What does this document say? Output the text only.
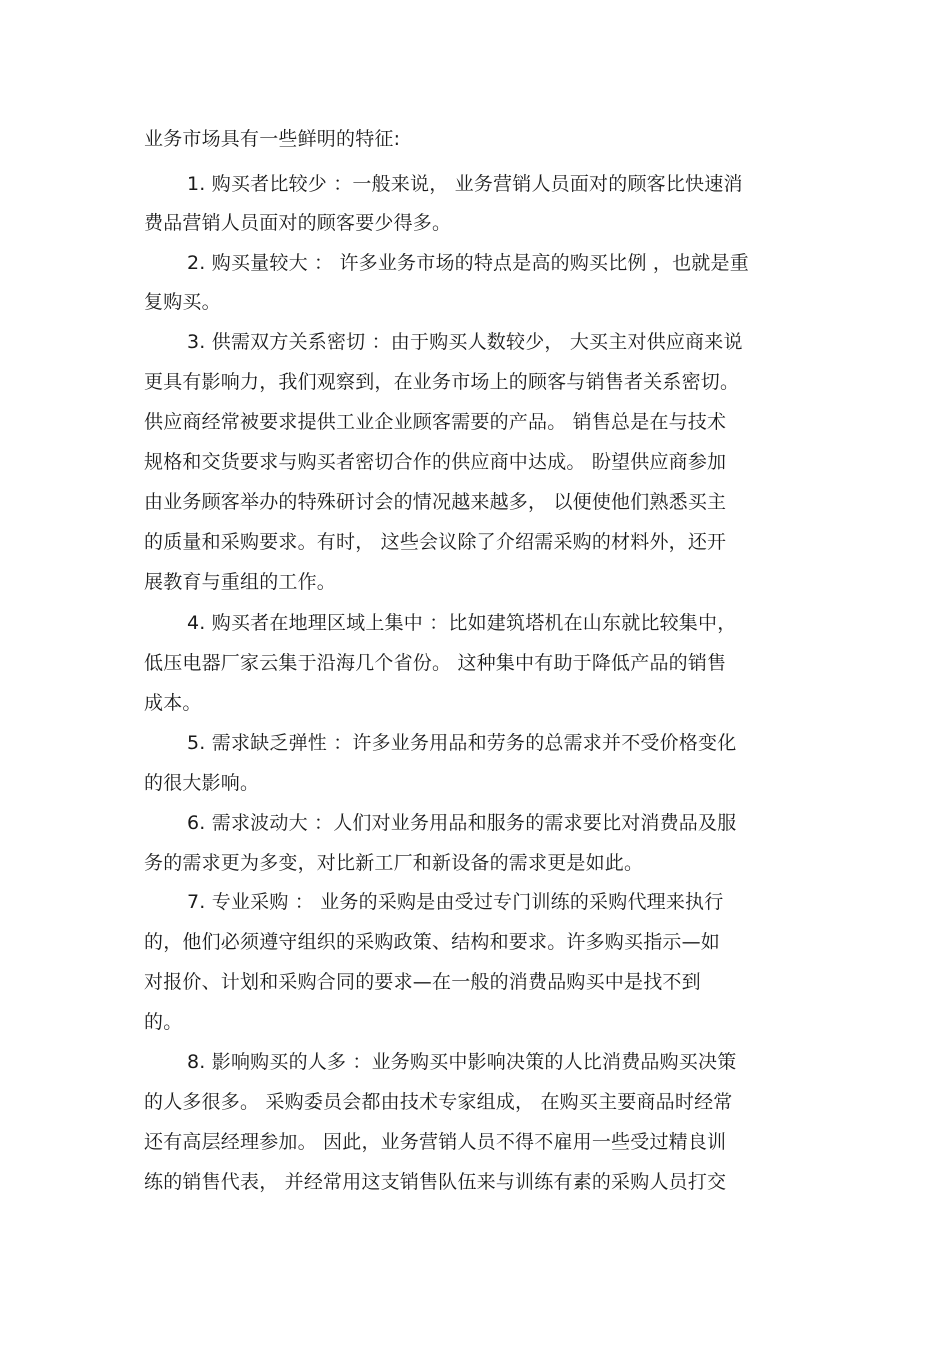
业务市场具有一些鲜明的特征:
1. 购买者比较少 ：一般来说， 业务营销人员面对的顾客比快速消
费品营销人员面对的顾客要少得多。
2. 购买量较大 ： 许多业务市场的特点是高的购买比例 ，也就是重
复购买。
3. 供需双方关系密切 ：由于购买人数较少， 大买主对供应商来说
更具有影响力，我们观察到，在业务市场上的顾客与销售者关系密切。
供应商经常被要求提供工业企业顾客需要的产品。 销售总是在与技术
规格和交货要求与购买者密切合作的供应商中达成。 盼望供应商参加
由业务顾客举办的特殊研讨会的情况越来越多， 以便使他们熟悉买主
的质量和采购要求。有时， 这些会议除了介绍需采购的材料外，还开
展教育与重组的工作。
4. 购买者在地理区域上集中 ：比如建筑塔机在山东就比较集中，
低压电器厂家云集于沿海几个省份。 这种集中有助于降低产品的销售
成本。
5. 需求缺乏弹性 ：许多业务用品和劳务的总需求并不受价格变化
的很大影响。
6. 需求波动大 ：人们对业务用品和服务的需求要比对消费品及服
务的需求更为多变，对比新工厂和新设备的需求更是如此。
7. 专业采购 ： 业务的采购是由受过专门训练的采购代理来执行
的，他们必须遵守组织的采购政策、结构和要求。许多购买指示—如
对报价、计划和采购合同的要求—在一般的消费品购买中是找不到
的。
8. 影响购买的人多 ：业务购买中影响决策的人比消费品购买决策
的人多很多。 采购委员会都由技术专家组成， 在购买主要商品时经常
还有高层经理参加。 因此，业务营销人员不得不雇用一些受过精良训
练的销售代表， 并经常用这支销售队伍来与训练有素的采购人员打交
